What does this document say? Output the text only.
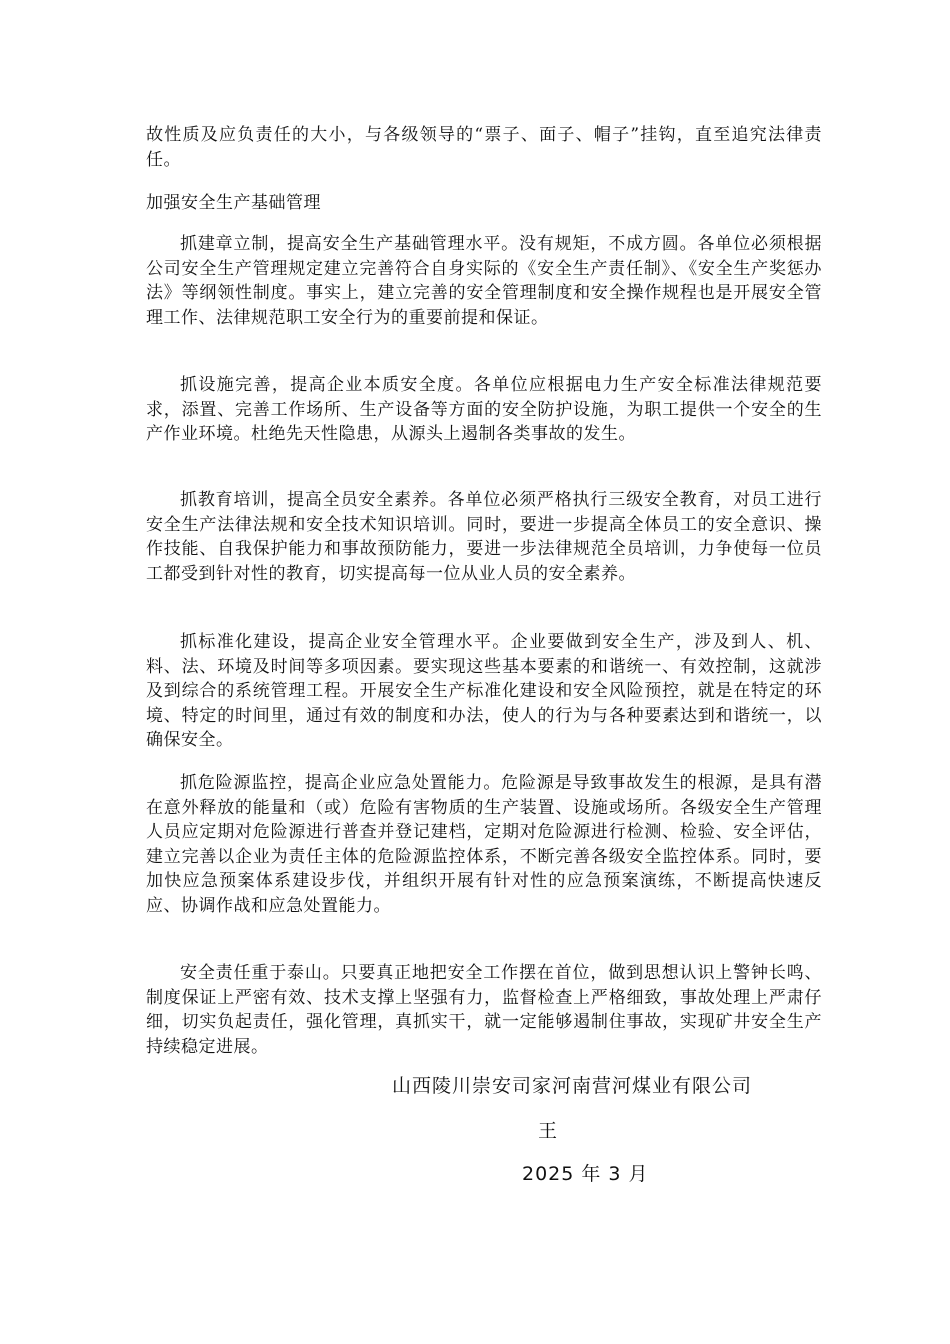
故性质及应负责任的大小，与各级领导的“票子、面子、帽子”挂钩，直至追究法律责任。

加强安全生产基础管理

抓建章立制，提高安全生产基础管理水平。没有规矩，不成方圆。各单位必须根据公司安全生产管理规定建立完善符合自身实际的《安全生产责任制》、《安全生产奖惩办法》等纲领性制度。事实上，建立完善的安全管理制度和安全操作规程也是开展安全管理工作、法律规范职工安全行为的重要前提和保证。

抓设施完善，提高企业本质安全度。各单位应根据电力生产安全标准法律规范要求，添置、完善工作场所、生产设备等方面的安全防护设施，为职工提供一个安全的生产作业环境。杜绝先天性隐患，从源头上遏制各类事故的发生。

抓教育培训，提高全员安全素养。各单位必须严格执行三级安全教育，对员工进行安全生产法律法规和安全技术知识培训。同时，要进一步提高全体员工的安全意识、操作技能、自我保护能力和事故预防能力，要进一步法律规范全员培训，力争使每一位员工都受到针对性的教育，切实提高每一位从业人员的安全素养。

抓标准化建设，提高企业安全管理水平。企业要做到安全生产，涉及到人、机、料、法、环境及时间等多项因素。要实现这些基本要素的和谐统一、有效控制，这就涉及到综合的系统管理工程。开展安全生产标准化建设和安全风险预控，就是在特定的环境、特定的时间里，通过有效的制度和办法，使人的行为与各种要素达到和谐统一，以确保安全。

抓危险源监控，提高企业应急处置能力。危险源是导致事故发生的根源，是具有潜在意外释放的能量和（或）危险有害物质的生产装置、设施或场所。各级安全生产管理人员应定期对危险源进行普查并登记建档，定期对危险源进行检测、检验、安全评估，建立完善以企业为责任主体的危险源监控体系，不断完善各级安全监控体系。同时，要加快应急预案体系建设步伐，并组织开展有针对性的应急预案演练，不断提高快速反应、协调作战和应急处置能力。

安全责任重于泰山。只要真正地把安全工作摆在首位，做到思想认识上警钟长鸣、制度保证上严密有效、技术支撑上坚强有力，监督检查上严格细致，事故处理上严肃仔细，切实负起责任，强化管理，真抓实干，就一定能够遏制住事故，实现矿井安全生产持续稳定进展。

山西陵川崇安司家河南营河煤业有限公司

王

2025 年 3 月
